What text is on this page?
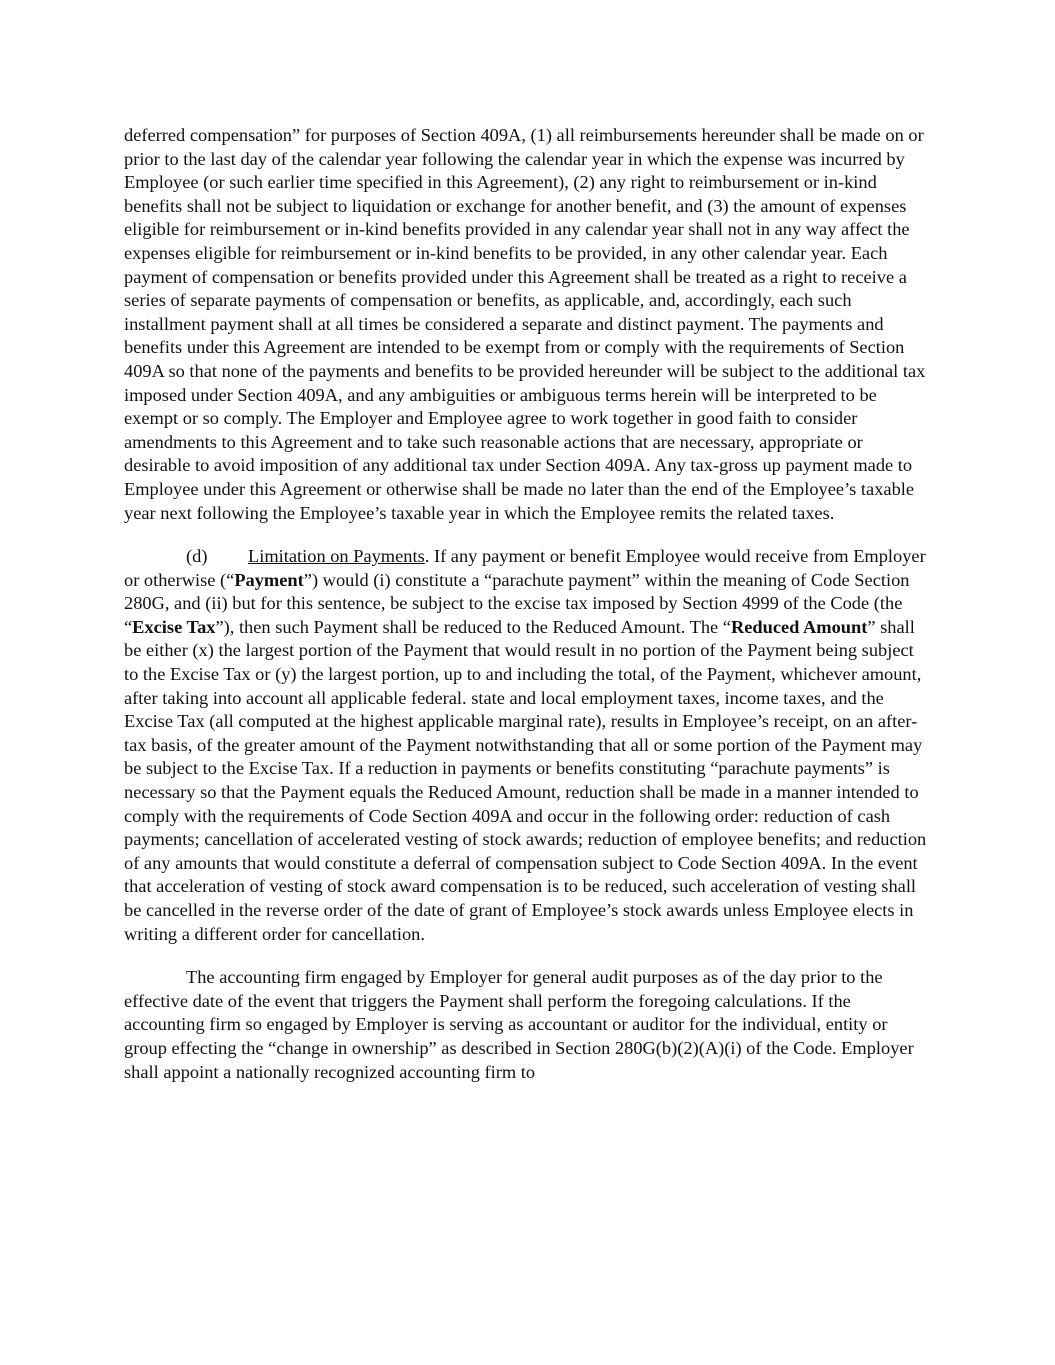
deferred compensation” for purposes of Section 409A, (1) all reimbursements hereunder shall be made on or prior to the last day of the calendar year following the calendar year in which the expense was incurred by Employee (or such earlier time specified in this Agreement), (2) any right to reimbursement or in-kind benefits shall not be subject to liquidation or exchange for another benefit, and (3) the amount of expenses eligible for reimbursement or in-kind benefits provided in any calendar year shall not in any way affect the expenses eligible for reimbursement or in-kind benefits to be provided, in any other calendar year. Each payment of compensation or benefits provided under this Agreement shall be treated as a right to receive a series of separate payments of compensation or benefits, as applicable, and, accordingly, each such installment payment shall at all times be considered a separate and distinct payment. The payments and benefits under this Agreement are intended to be exempt from or comply with the requirements of Section 409A so that none of the payments and benefits to be provided hereunder will be subject to the additional tax imposed under Section 409A, and any ambiguities or ambiguous terms herein will be interpreted to be exempt or so comply. The Employer and Employee agree to work together in good faith to consider amendments to this Agreement and to take such reasonable actions that are necessary, appropriate or desirable to avoid imposition of any additional tax under Section 409A. Any tax-gross up payment made to Employee under this Agreement or otherwise shall be made no later than the end of the Employee’s taxable year next following the Employee’s taxable year in which the Employee remits the related taxes.

(d) Limitation on Payments. If any payment or benefit Employee would receive from Employer or otherwise (“Payment”) would (i) constitute a “parachute payment” within the meaning of Code Section 280G, and (ii) but for this sentence, be subject to the excise tax imposed by Section 4999 of the Code (the “Excise Tax”), then such Payment shall be reduced to the Reduced Amount. The “Reduced Amount” shall be either (x) the largest portion of the Payment that would result in no portion of the Payment being subject to the Excise Tax or (y) the largest portion, up to and including the total, of the Payment, whichever amount, after taking into account all applicable federal. state and local employment taxes, income taxes, and the Excise Tax (all computed at the highest applicable marginal rate), results in Employee’s receipt, on an after-tax basis, of the greater amount of the Payment notwithstanding that all or some portion of the Payment may be subject to the Excise Tax. If a reduction in payments or benefits constituting “parachute payments” is necessary so that the Payment equals the Reduced Amount, reduction shall be made in a manner intended to comply with the requirements of Code Section 409A and occur in the following order: reduction of cash payments; cancellation of accelerated vesting of stock awards; reduction of employee benefits; and reduction of any amounts that would constitute a deferral of compensation subject to Code Section 409A. In the event that acceleration of vesting of stock award compensation is to be reduced, such acceleration of vesting shall be cancelled in the reverse order of the date of grant of Employee’s stock awards unless Employee elects in writing a different order for cancellation.

The accounting firm engaged by Employer for general audit purposes as of the day prior to the effective date of the event that triggers the Payment shall perform the foregoing calculations. If the accounting firm so engaged by Employer is serving as accountant or auditor for the individual, entity or group effecting the “change in ownership” as described in Section 280G(b)(2)(A)(i) of the Code. Employer shall appoint a nationally recognized accounting firm to
